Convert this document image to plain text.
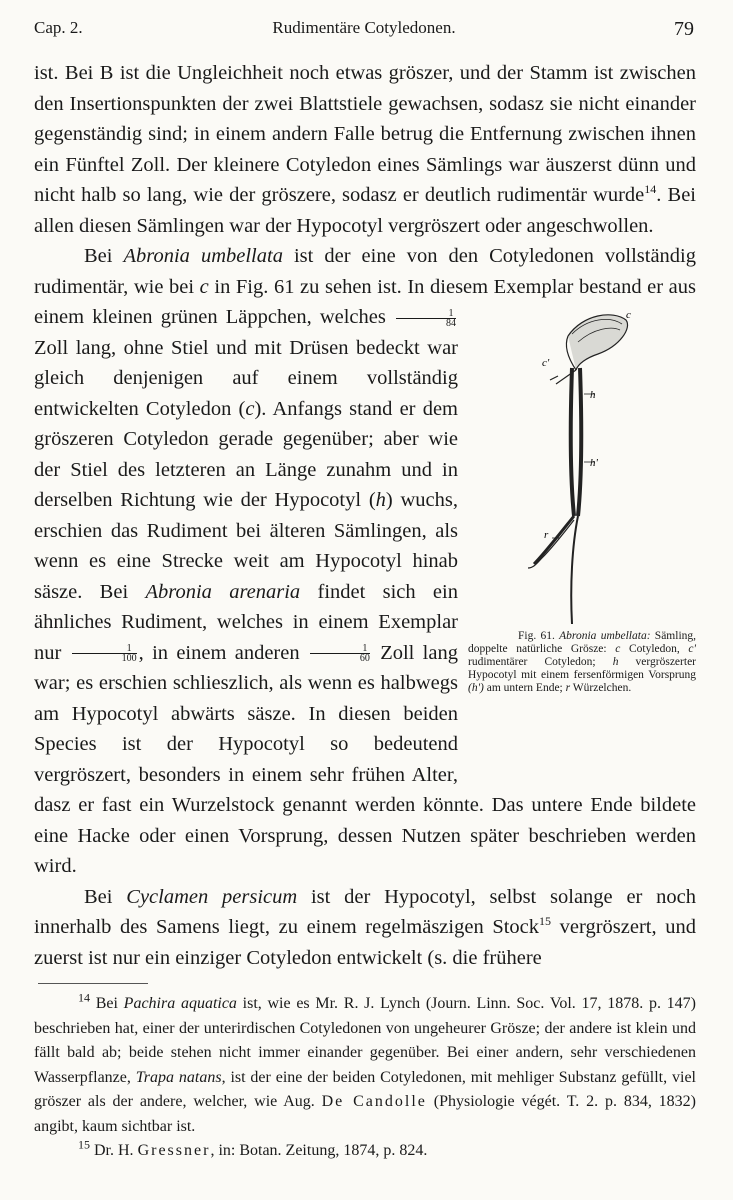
Cap. 2.	Rudimentäre Cotyledonen.	79

ist. Bei B ist die Ungleichheit noch etwas gröszer, und der Stamm ist zwischen den Insertionspunkten der zwei Blattstiele gewachsen, sodasz sie nicht einander gegenständig sind; in einem andern Falle betrug die Entfernung zwischen ihnen ein Fünftel Zoll. Der kleinere Cotyledon eines Sämlings war äuszerst dünn und nicht halb so lang, wie der gröszere, sodasz er deutlich rudimentär wurde$^{14}$. Bei allen diesen Sämlingen war der Hypocotyl vergröszert oder angeschwollen.

Bei Abronia umbellata ist der eine von den Cotyledonen vollständig rudimentär, wie bei c in Fig. 61 zu sehen ist. In diesem Exemplar bestand er aus einem kleinen grünen Läppchen, welches	c
c'
h
h'
r
Fig. 61. Abronia umbellata: Sämling, doppelte natürliche Grösze: c Cotyledon, c' rudimentärer Cotyledon; h vergröszerter Hypocotyl mit einem fersenförmigen Vorsprung (h') am untern Ende; r Würzelchen.
$\frac{1}{84}$
Zoll lang, ohne Stiel und mit Drüsen bedeckt war gleich denjenigen auf einem vollständig entwickelten Cotyledon (c). Anfangs stand er dem gröszeren Cotyledon gerade gegenüber; aber wie der Stiel des letzteren an Länge zunahm und in derselben Richtung wie der Hypocotyl (h) wuchs, erschien das Rudiment bei älteren Sämlingen, als wenn es eine Strecke weit am Hypocotyl hinab säsze. Bei Abronia arenaria findet sich ein ähnliches Rudiment, welches in einem Exemplar nur $\frac{1}{100}$ , in einem anderen $\frac{1}{60}$ Zoll lang war; es erschien schlieszlich, als wenn es halbwegs am Hypocotyl abwärts säsze. In diesen beiden Species ist der Hypocotyl so bedeutend vergröszert, besonders in einem sehr frühen Alter, dasz er fast ein Wurzelstock genannt werden könnte. Das untere Ende bildete eine Hacke oder einen Vorsprung, dessen Nutzen später beschrieben werden wird.

Bei Cyclamen persicum ist der Hypocotyl, selbst solange er noch innerhalb des Samens liegt, zu einem regelmäszigen Stock$^{15}$ vergröszert, und zuerst ist nur ein einziger Cotyledon entwickelt (s. die frühere

$^{14}$ Bei Pachira aquatica ist, wie es Mr. R. J. Lynch (Journ. Linn. Soc. Vol. 17, 1878. p. 147) beschrieben hat, einer der unterirdischen Cotyledonen von ungeheurer Grösze; der andere ist klein und fällt bald ab; beide stehen nicht immer einander gegenüber. Bei einer andern, sehr verschiedenen Wasserpflanze, Trapa natans, ist der eine der beiden Cotyledonen, mit mehliger Substanz gefüllt, viel gröszer als der andere, welcher, wie Aug. De Candolle (Physiologie végét. T. 2. p. 834, 1832) angibt, kaum sichtbar ist.

$^{15}$ Dr. H. Gressner, in: Botan. Zeitung, 1874, p. 824.
